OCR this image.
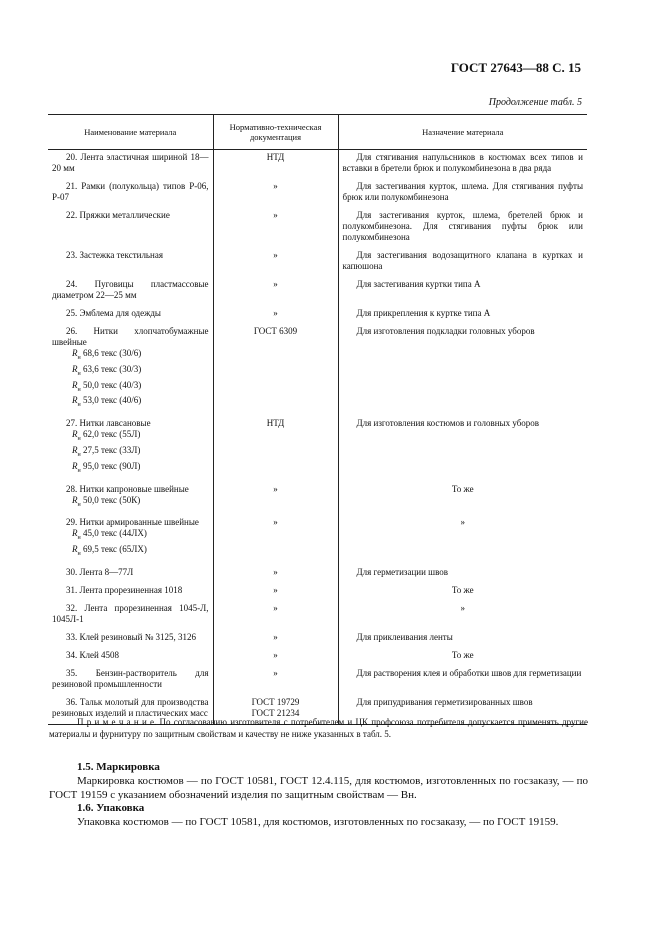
ГОСТ 27643—88 С. 15
Продолжение табл. 5
Наименование материала	Нормативно-техническая документация	Назначение материала

20. Лента эластичная шириной 18—20 мм	НТД	Для стягивания напульсников в костюмах всех типов и вставки в бретели брюк и полукомбинезона в два ряда

21. Рамки (полукольца) типов Р-06, Р-07	»	Для застегивания курток, шлема. Для стягивания пуфты брюк или полукомбинезона

22. Пряжки металлические	»	Для застегивания курток, шлема, бретелей брюк и полукомбинезона. Для стягивания пуфты брюк или полукомбинезона

23. Застежка текстильная	»	Для застегивания водозащитного клапана в куртках и капюшона

24. Пуговицы пластмассовые диаметром 22—25 мм	»	Для застегивания куртки типа А

25. Эмблема для одежды	»	Для прикрепления к куртке типа А

26. Нитки хлопчатобумажные швейные
$R_н$ 68,6 текс (30/6)
$R_н$ 63,6 текс (30/3)
$R_н$ 50,0 текс (40/3)
$R_н$ 53,0 текс (40/6)	ГОСТ 6309	Для изготовления подкладки головных уборов

27. Нитки лавсановые
$R_н$ 62,0 текс (55Л)
$R_н$ 27,5 текс (33Л)
$R_н$ 95,0 текс (90Л)	НТД	Для изготовления костюмов и головных уборов

28. Нитки капроновые швейные
$R_н$ 50,0 текс (50К)	»	То же

29. Нитки армированные швейные
$R_н$ 45,0 текс (44ЛХ)
$R_н$ 69,5 текс (65ЛХ)	»	»

30. Лента 8—77Л	»	Для герметизации швов

31. Лента прорезиненная 1018	»	То же

32. Лента прорезиненная 1045-Л, 1045Л-1	»	»

33. Клей резиновый № 3125, 3126	»	Для приклеивания ленты

34. Клей 4508	»	То же

35. Бензин-растворитель для резиновой промышленности	»	Для растворения клея и обработки швов для герметизации

36. Тальк молотый для производства резиновых изделий и пластических масс	ГОСТ 19729
ГОСТ 21234	Для припудривания герметизированных швов
П р и м е ч а н и е. По согласованию изготовителя с потребителем и ЦК профсоюза потребителя допускается применять другие материалы и фурнитуру по защитным свойствам и качеству не ниже указанных в табл. 5.
1.5. Маркировка
Маркировка костюмов — по ГОСТ 10581, ГОСТ 12.4.115, для костюмов, изготовленных по госзаказу, — по ГОСТ 19159 с указанием обозначений изделия по защитным свойствам — Вн.
1.6. Упаковка
Упаковка костюмов — по ГОСТ 10581, для костюмов, изготовленных по госзаказу, — по ГОСТ 19159.
